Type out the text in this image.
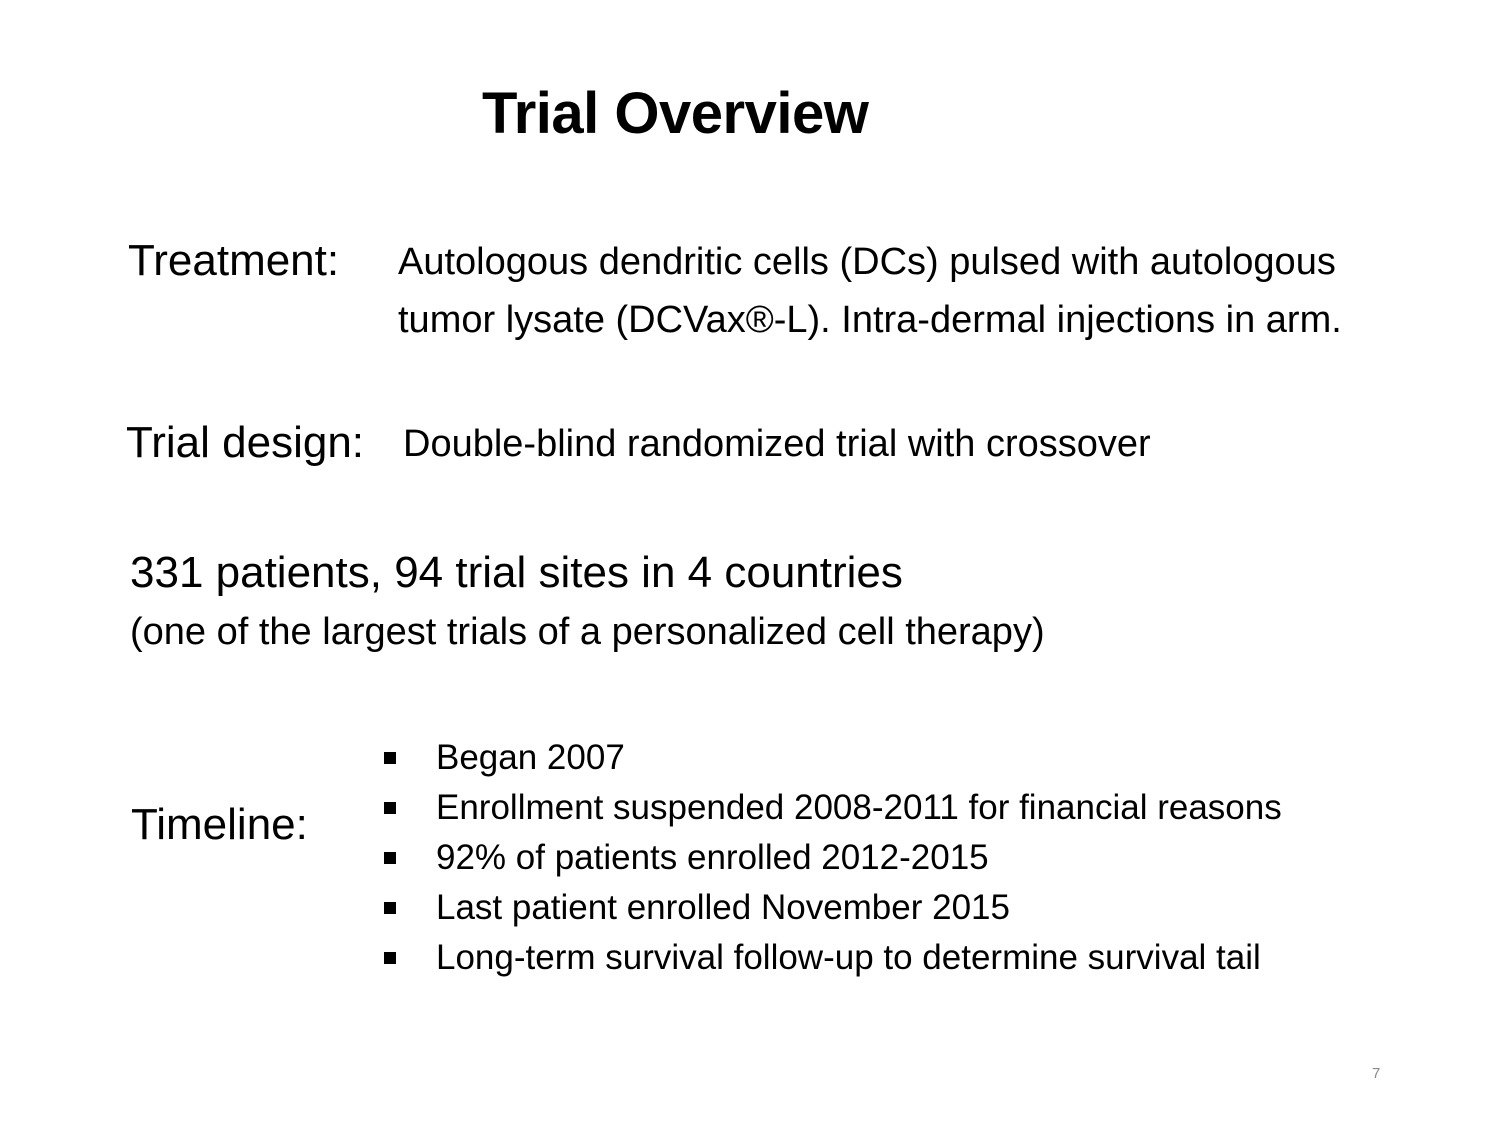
Trial Overview
Treatment: Autologous dendritic cells (DCs) pulsed with autologous
tumor lysate (DCVax®-L). Intra-dermal injections in arm.
Trial design: Double-blind randomized trial with crossover
331 patients, 94 trial sites in 4 countries
(one of the largest trials of a personalized cell therapy)
Timeline:
Began 2007
Enrollment suspended 2008-2011 for financial reasons
92% of patients enrolled 2012-2015
Last patient enrolled November 2015
Long-term survival follow-up to determine survival tail
7
